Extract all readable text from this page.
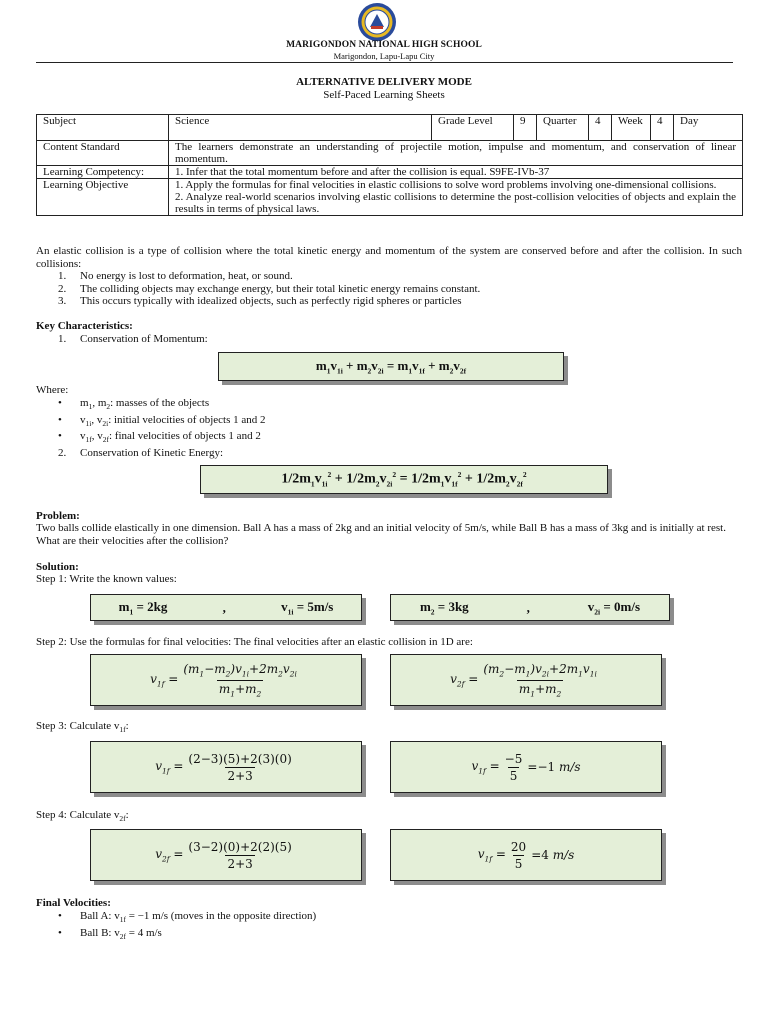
MARIGONDON NATIONAL HIGH SCHOOL
Marigondon, Lapu-Lapu City
ALTERNATIVE DELIVERY MODE
Self-Paced Learning Sheets
Subject	Science	Grade Level	9	Quarter	4	Week	4	Day
Content Standard	The learners demonstrate an understanding of projectile motion, impulse and momentum, and conservation of linear momentum.							
Learning Competency:	1. Infer that the total momentum before and after the collision is equal. S9FE-IVb-37							
Learning Objective	1. Apply the formulas for final velocities in elastic collisions to solve word problems involving one-dimensional collisions.
2. Analyze real-world scenarios involving elastic collisions to determine the post-collision velocities of objects and explain the results in terms of physical laws.							
An elastic collision is a type of collision where the total kinetic energy and momentum of the system are conserved before and after the collision. In such collisions:
1. No energy is lost to deformation, heat, or sound.
2. The colliding objects may exchange energy, but their total kinetic energy remains constant.
3. This occurs typically with idealized objects, such as perfectly rigid spheres or particles
Key Characteristics:
1. Conservation of Momentum:
$m_1v_{1i} + m_2v_{2i} = m_1v_{1f} + m_2v_{2f}$
Where:
• $m_1$, $m_2$: masses of the objects
• $v_{1i}$, $v_{2i}$: initial velocities of objects 1 and 2
• $v_{1f}$, $v_{2f}$: final velocities of objects 1 and 2
2. Conservation of Kinetic Energy:
$1/2m_1v_{1i}^2 + 1/2m_2v_{2i}^2 = 1/2m_1v_{1f}^2 + 1/2m_2v_{2f}^2$
Problem:
Two balls collide elastically in one dimension. Ball A has a mass of 2kg and an initial velocity of 5m/s, while Ball B has a mass of 3kg and is initially at rest. What are their velocities after the collision?
Solution:
Step 1: Write the known values:
$m_1 = 2kg$	,	$v_{1i} = 5m/s$	$m_2 = 3kg$	,	$v_{2i} = 0m/s$
Step 2: Use the formulas for final velocities: The final velocities after an elastic collision in 1D are:
$v_{1f} = \frac{(m_1-m_2)v_{1i}+2m_2v_{2i}}{m_1+m_2}$	$v_{2f} = \frac{(m_2-m_1)v_{2i}+2m_1v_{1i}}{m_1+m_2}$
Step 3: Calculate $v_{1f}$:
$v_{1f} = \frac{(2-3)(5)+2(3)(0)}{2+3}$	$v_{1f} = \frac{-5}{5} =-1$ m/s
Step 4: Calculate $v_{2f}$:
$v_{2f} = \frac{(3-2)(0)+2(2)(5)}{2+3}$	$v_{1f} = \frac{20}{5} =4$ m/s
Final Velocities:
• Ball A: $v_{1f} = -1$ m/s (moves in the opposite direction)
• Ball B: $v_{2f} = 4$ m/s
